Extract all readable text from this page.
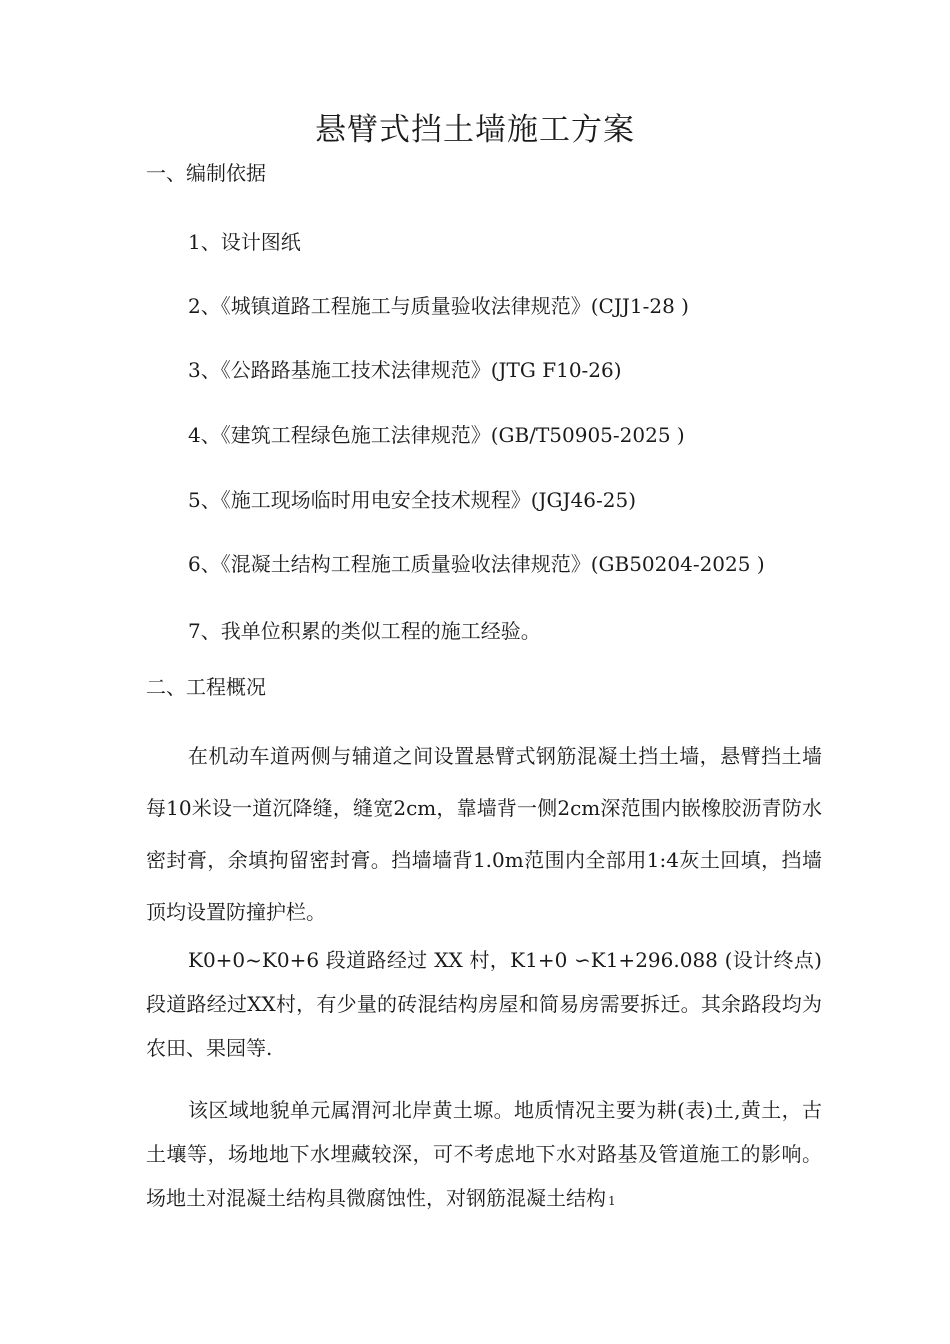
悬臂式挡土墙施工方案
一、编制依据
1、设计图纸
2、《城镇道路工程施工与质量验收法律规范》(CJJ1-28 )
3、《公路路基施工技术法律规范》(JTG F10-26)
4、《建筑工程绿色施工法律规范》(GB/T50905-2025 )
5、《施工现场临时用电安全技术规程》(JGJ46-25)
6、《混凝土结构工程施工质量验收法律规范》(GB50204-2025 )
7、我单位积累的类似工程的施工经验。
二、工程概况
在机动车道两侧与辅道之间设置悬臂式钢筋混凝土挡土墙，悬臂挡土墙每10米设一道沉降缝，缝宽2cm，靠墙背一侧2cm深范围内嵌橡胶沥青防水密封膏，余填拘留密封膏。挡墙墙背1.0m范围内全部用1:4灰土回填，挡墙顶均设置防撞护栏。
K0+0~K0+6 段道路经过 XX 村，K1+0 ∽K1+296.088 (设计终点) 段道路经过XX村，有少量的砖混结构房屋和简易房需要拆迁。其余路段均为农田、果园等.
该区域地貌单元属渭河北岸黄土塬。地质情况主要为耕(表)土,黄土，古土壤等，场地地下水埋藏较深，可不考虑地下水对路基及管道施工的影响。场地土对混凝土结构具微腐蚀性，对钢筋混凝土结构 1
